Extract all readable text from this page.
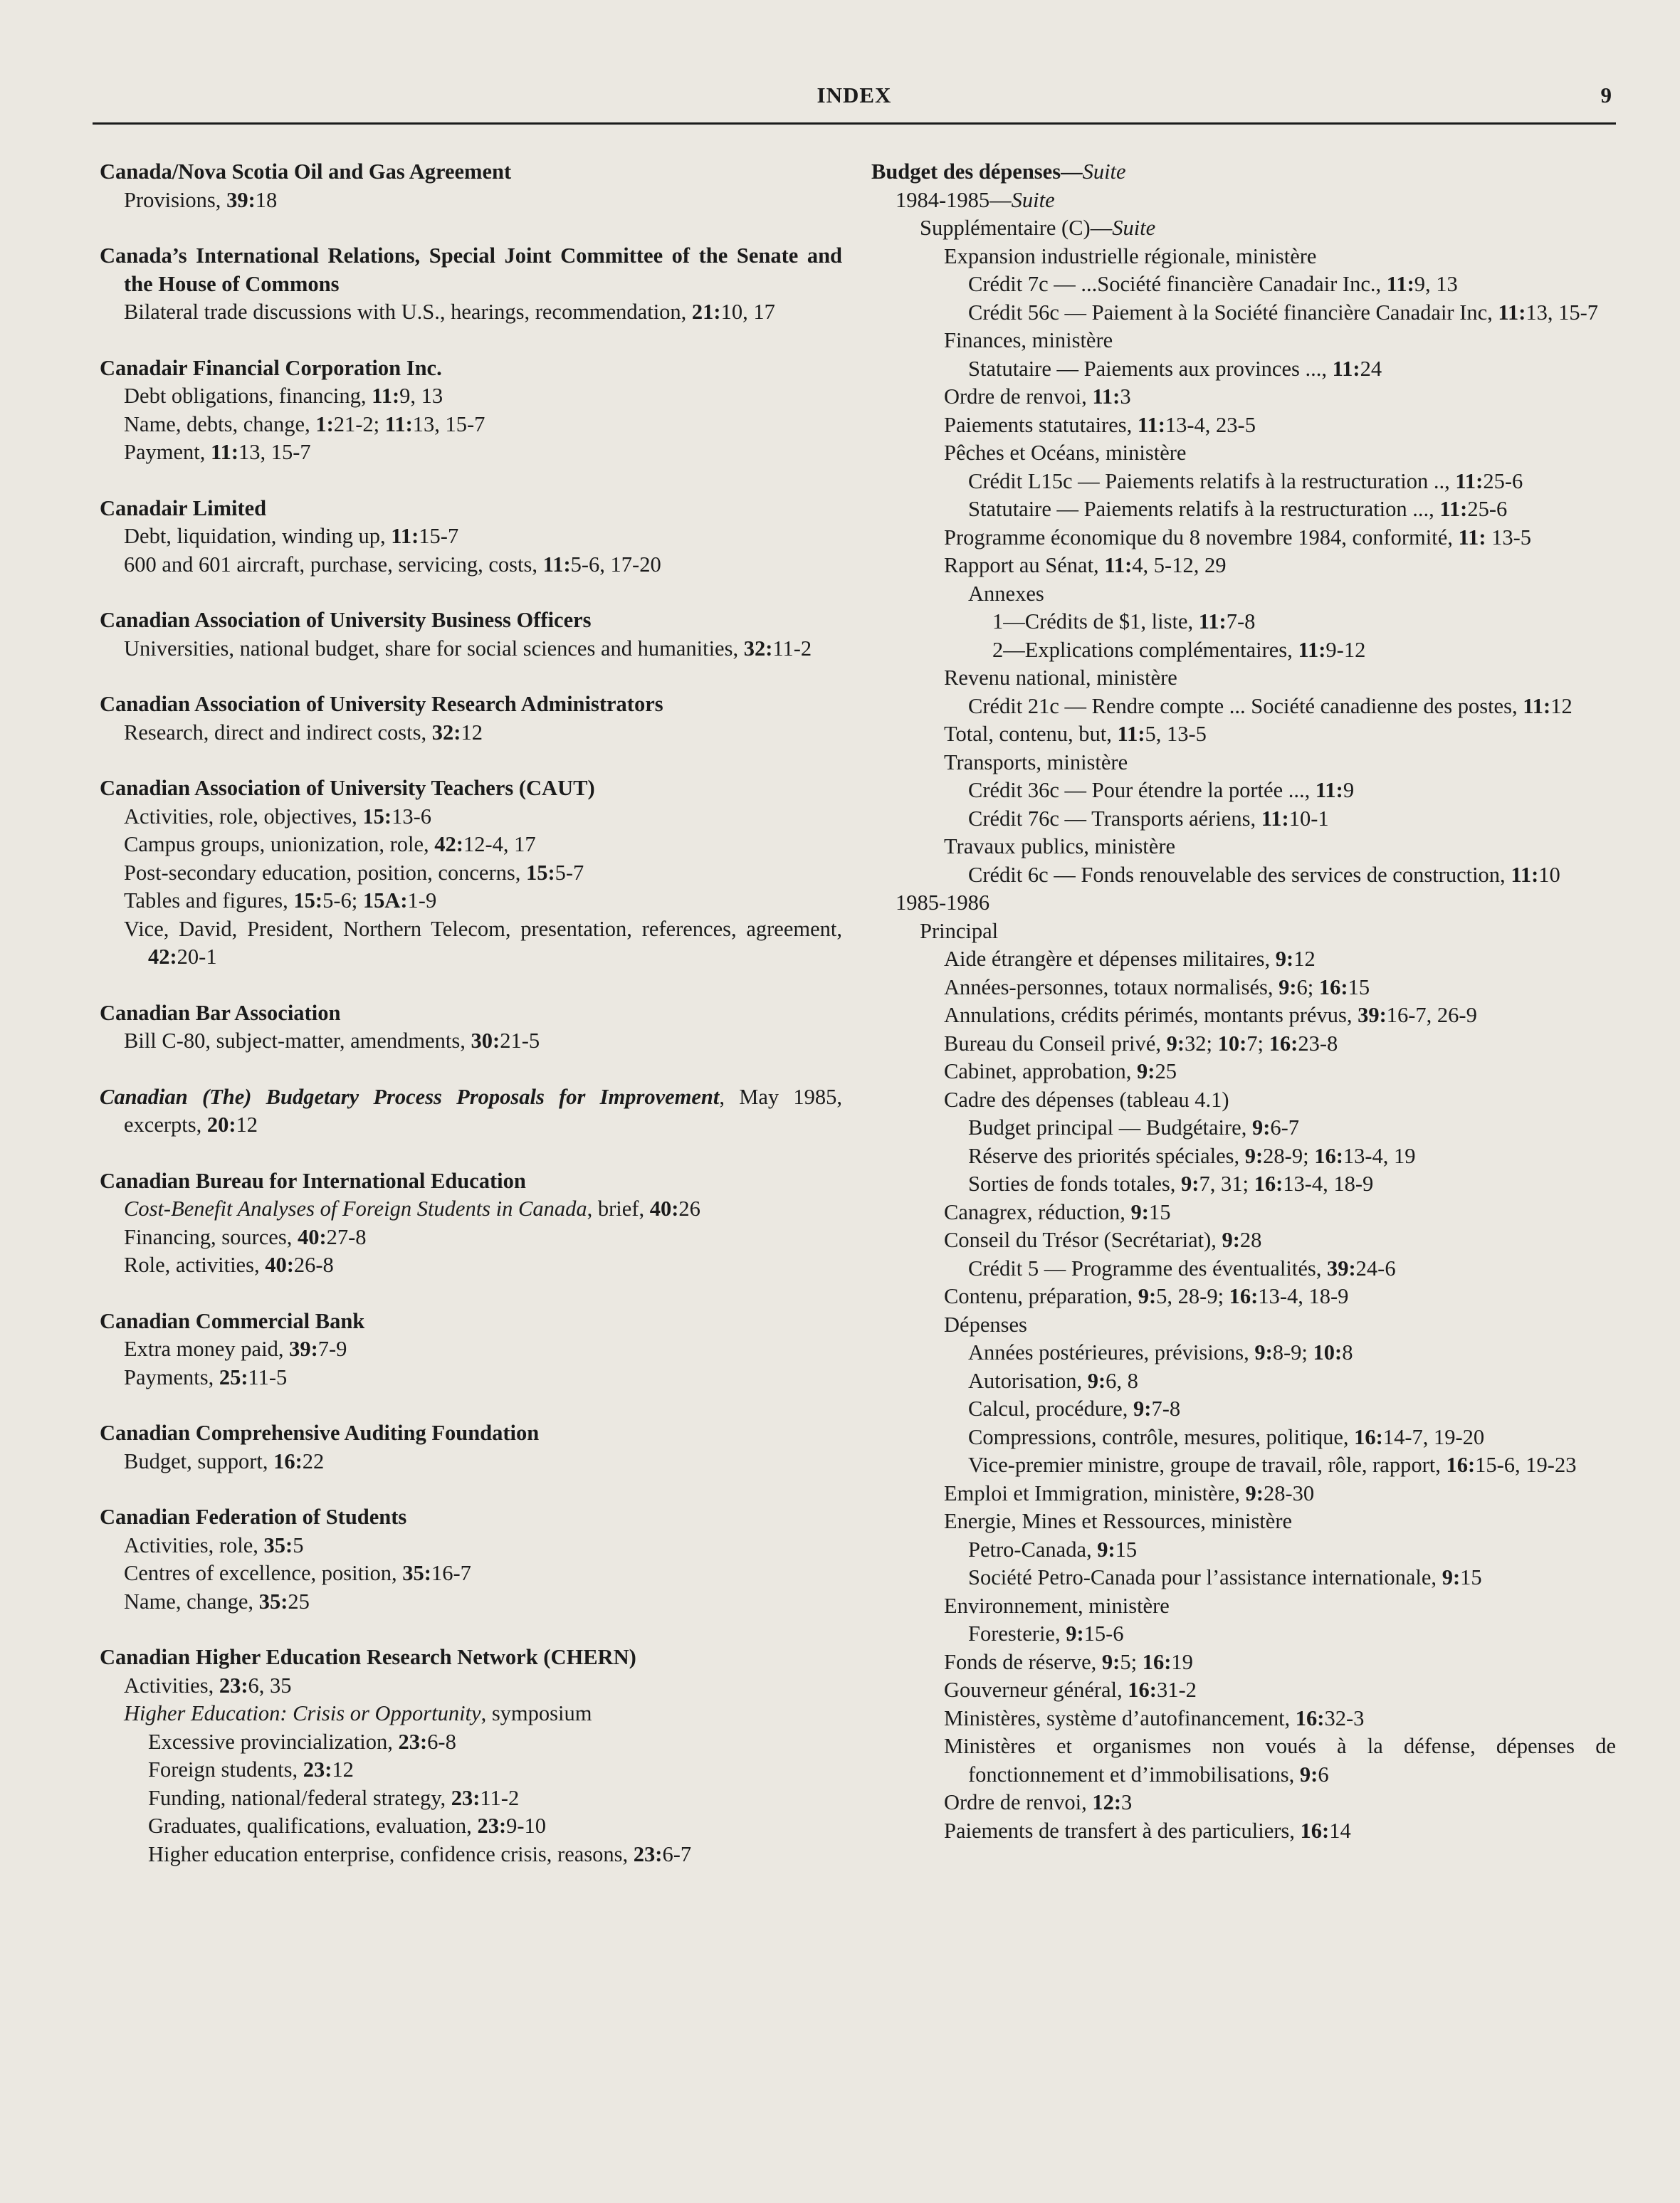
INDEX	9
Canada/Nova Scotia Oil and Gas Agreement
Provisions, 39:18
Canada’s International Relations, Special Joint Committee of the Senate and the House of Commons
Bilateral trade discussions with U.S., hearings, recommendation, 21:10, 17
Canadair Financial Corporation Inc.
Debt obligations, financing, 11:9, 13
Name, debts, change, 1:21-2; 11:13, 15-7
Payment, 11:13, 15-7
Canadair Limited
Debt, liquidation, winding up, 11:15-7
600 and 601 aircraft, purchase, servicing, costs, 11:5-6, 17-20
Canadian Association of University Business Officers
Universities, national budget, share for social sciences and humanities, 32:11-2
Canadian Association of University Research Administrators
Research, direct and indirect costs, 32:12
Canadian Association of University Teachers (CAUT)
Activities, role, objectives, 15:13-6
Campus groups, unionization, role, 42:12-4, 17
Post-secondary education, position, concerns, 15:5-7
Tables and figures, 15:5-6; 15A:1-9
Vice, David, President, Northern Telecom, presentation, references, agreement, 42:20-1
Canadian Bar Association
Bill C-80, subject-matter, amendments, 30:21-5
Canadian (The) Budgetary Process Proposals for Improvement, May 1985, excerpts, 20:12
Canadian Bureau for International Education
Cost-Benefit Analyses of Foreign Students in Canada, brief, 40:26
Financing, sources, 40:27-8
Role, activities, 40:26-8
Canadian Commercial Bank
Extra money paid, 39:7-9
Payments, 25:11-5
Canadian Comprehensive Auditing Foundation
Budget, support, 16:22
Canadian Federation of Students
Activities, role, 35:5
Centres of excellence, position, 35:16-7
Name, change, 35:25
Canadian Higher Education Research Network (CHERN)
Activities, 23:6, 35
Higher Education: Crisis or Opportunity, symposium
Excessive provincialization, 23:6-8
Foreign students, 23:12
Funding, national/federal strategy, 23:11-2
Graduates, qualifications, evaluation, 23:9-10
Higher education enterprise, confidence crisis, reasons, 23:6-7
Budget des dépenses—Suite
1984-1985—Suite
Supplémentaire (C)—Suite
Expansion industrielle régionale, ministère
Crédit 7c — ...Société financière Canadair Inc., 11:9, 13
Crédit 56c — Paiement à la Société financière Canadair Inc, 11:13, 15-7
Finances, ministère
Statutaire — Paiements aux provinces ..., 11:24
Ordre de renvoi, 11:3
Paiements statutaires, 11:13-4, 23-5
Pêches et Océans, ministère
Crédit L15c — Paiements relatifs à la restructuration .., 11:25-6
Statutaire — Paiements relatifs à la restructuration ..., 11:25-6
Programme économique du 8 novembre 1984, conformité, 11: 13-5
Rapport au Sénat, 11:4, 5-12, 29
Annexes
1—Crédits de $1, liste, 11:7-8
2—Explications complémentaires, 11:9-12
Revenu national, ministère
Crédit 21c — Rendre compte ... Société canadienne des postes, 11:12
Total, contenu, but, 11:5, 13-5
Transports, ministère
Crédit 36c — Pour étendre la portée ..., 11:9
Crédit 76c — Transports aériens, 11:10-1
Travaux publics, ministère
Crédit 6c — Fonds renouvelable des services de construction, 11:10
1985-1986
Principal
Aide étrangère et dépenses militaires, 9:12
Années-personnes, totaux normalisés, 9:6; 16:15
Annulations, crédits périmés, montants prévus, 39:16-7, 26-9
Bureau du Conseil privé, 9:32; 10:7; 16:23-8
Cabinet, approbation, 9:25
Cadre des dépenses (tableau 4.1)
Budget principal — Budgétaire, 9:6-7
Réserve des priorités spéciales, 9:28-9; 16:13-4, 19
Sorties de fonds totales, 9:7, 31; 16:13-4, 18-9
Canagrex, réduction, 9:15
Conseil du Trésor (Secrétariat), 9:28
Crédit 5 — Programme des éventualités, 39:24-6
Contenu, préparation, 9:5, 28-9; 16:13-4, 18-9
Dépenses
Années postérieures, prévisions, 9:8-9; 10:8
Autorisation, 9:6, 8
Calcul, procédure, 9:7-8
Compressions, contrôle, mesures, politique, 16:14-7, 19-20
Vice-premier ministre, groupe de travail, rôle, rapport, 16:15-6, 19-23
Emploi et Immigration, ministère, 9:28-30
Energie, Mines et Ressources, ministère
Petro-Canada, 9:15
Société Petro-Canada pour l’assistance internationale, 9:15
Environnement, ministère
Foresterie, 9:15-6
Fonds de réserve, 9:5; 16:19
Gouverneur général, 16:31-2
Ministères, système d’autofinancement, 16:32-3
Ministères et organismes non voués à la défense, dépenses de fonctionnement et d’immobilisations, 9:6
Ordre de renvoi, 12:3
Paiements de transfert à des particuliers, 16:14
